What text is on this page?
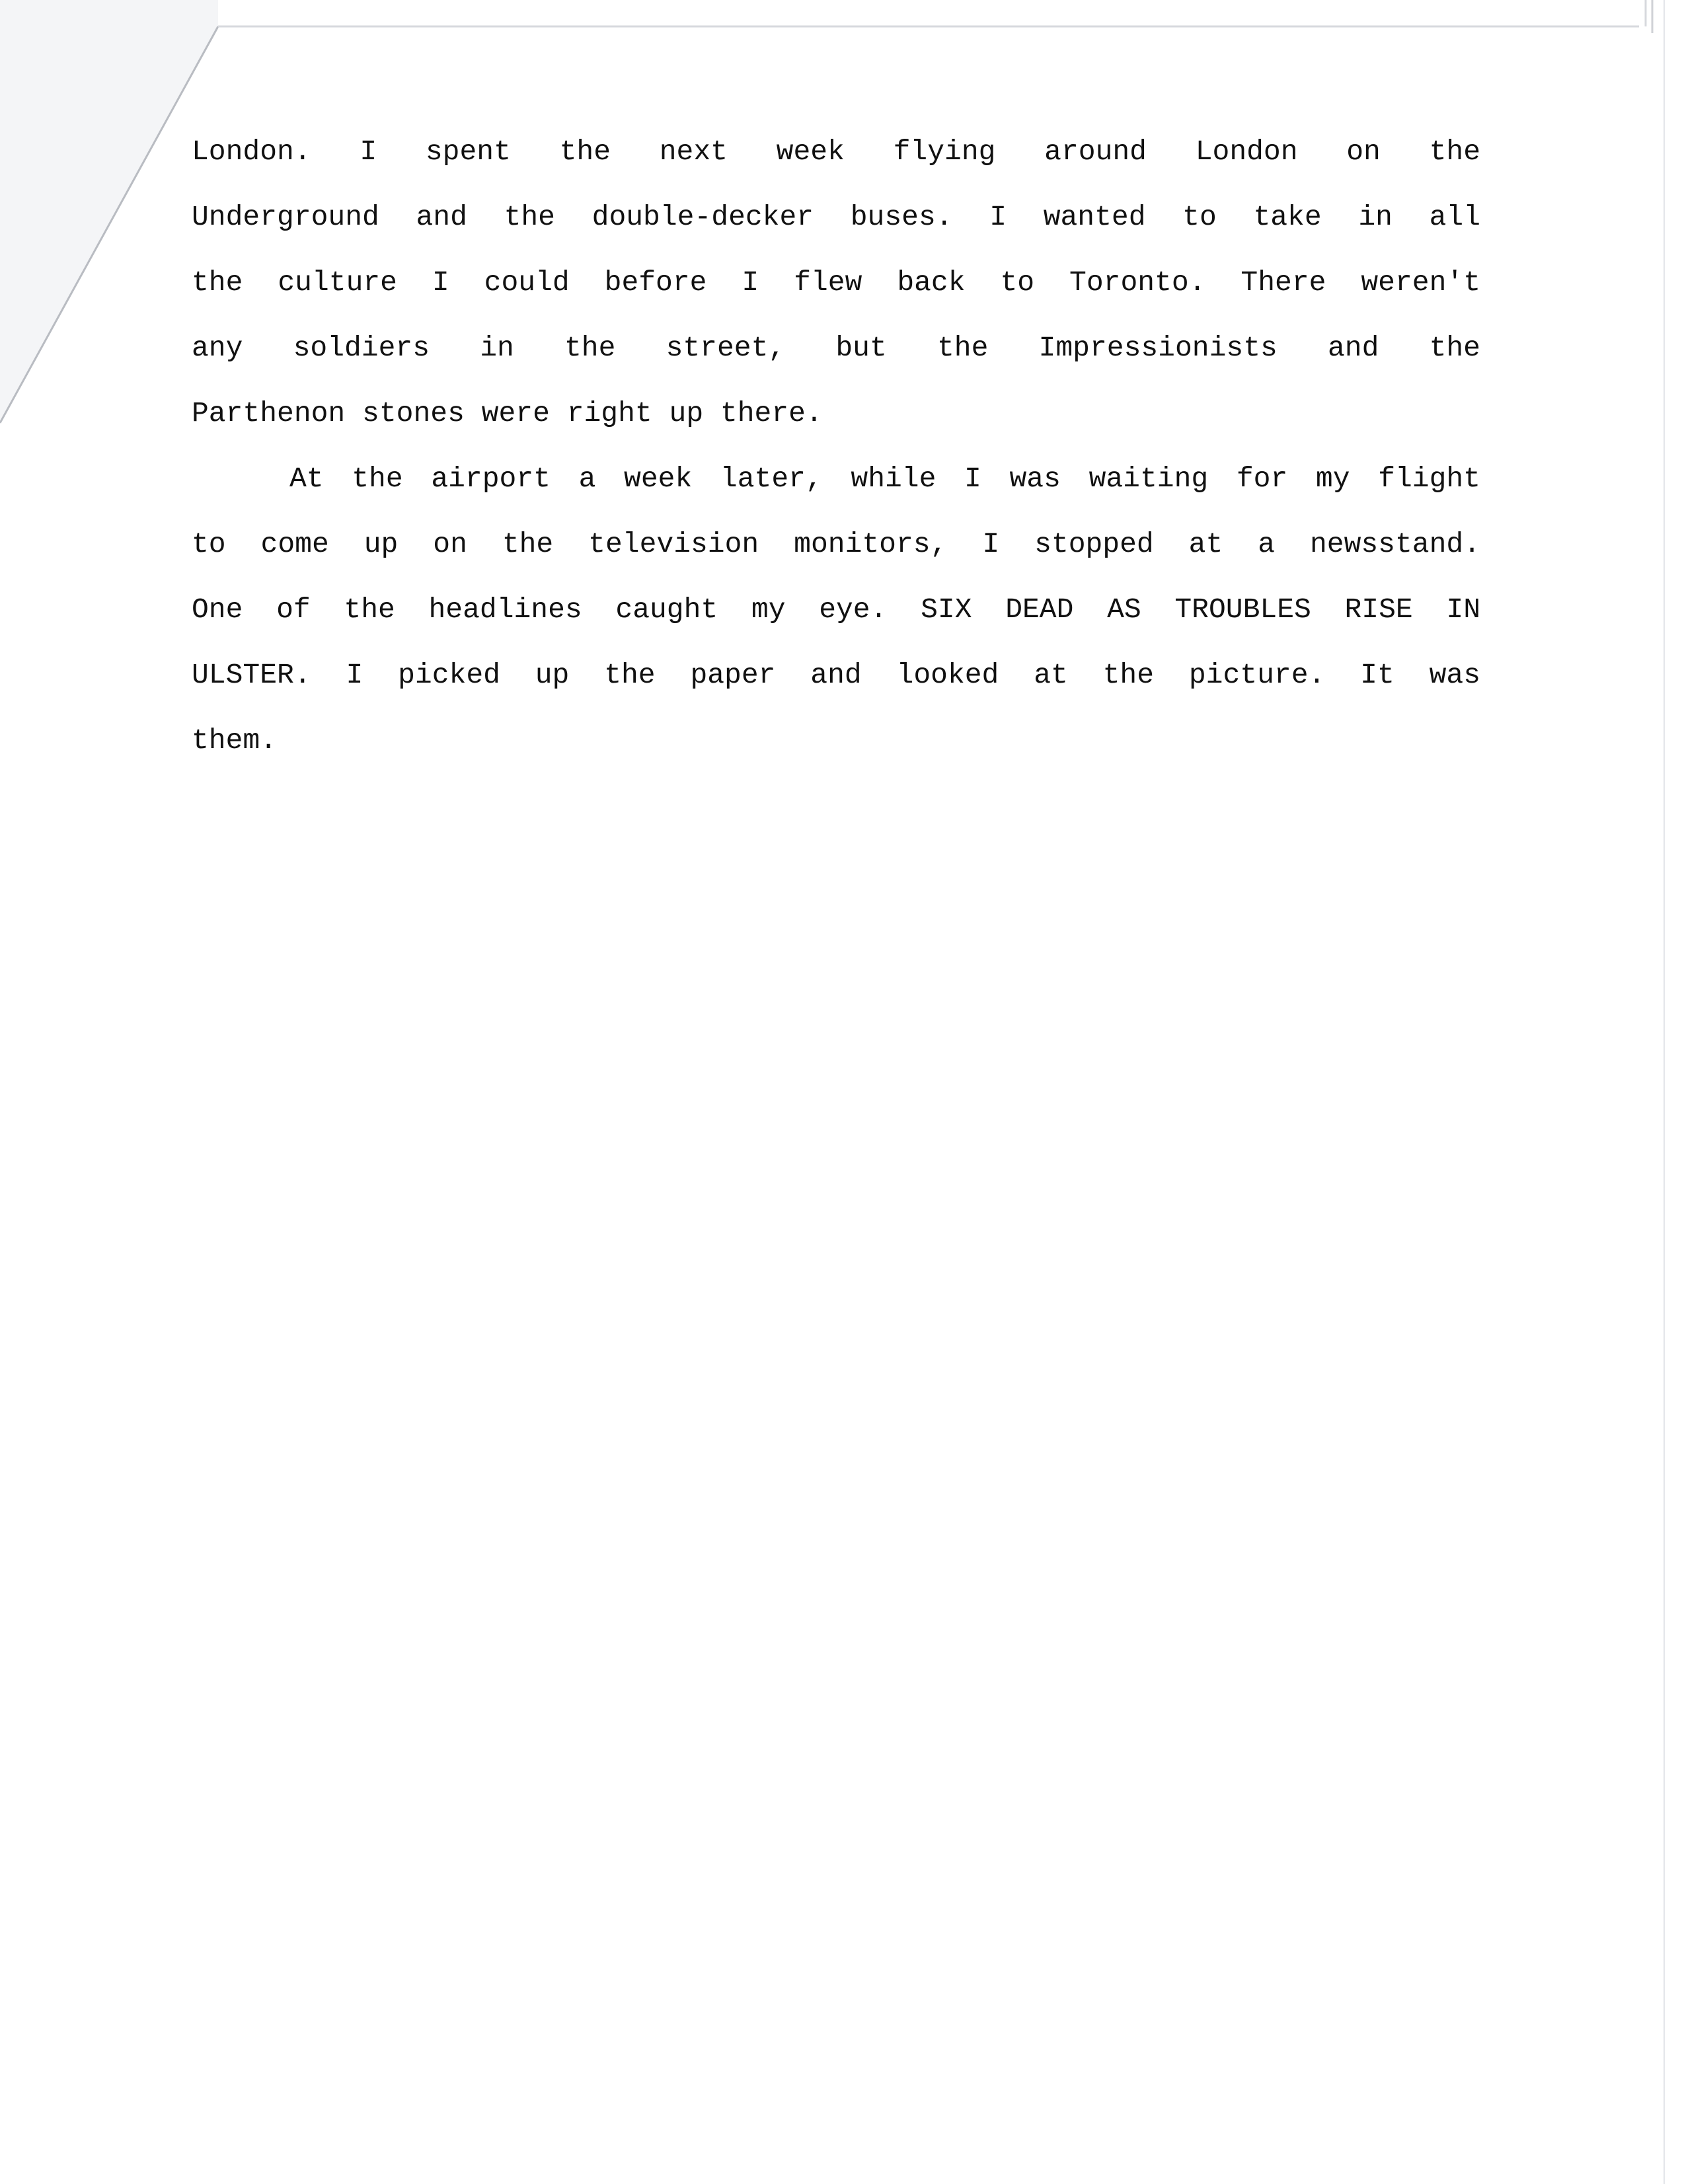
London. I spent the next week flying around London on the
Underground and the double-decker buses. I wanted to take in all
the culture I could before I flew back to Toronto. There weren't
any soldiers in the street, but the Impressionists and the
Parthenon stones were right up there.
At the airport a week later, while I was waiting for my flight
to come up on the television monitors, I stopped at a newsstand.
One of the headlines caught my eye. SIX DEAD AS TROUBLES RISE IN
ULSTER. I picked up the paper and looked at the picture. It was
them.
